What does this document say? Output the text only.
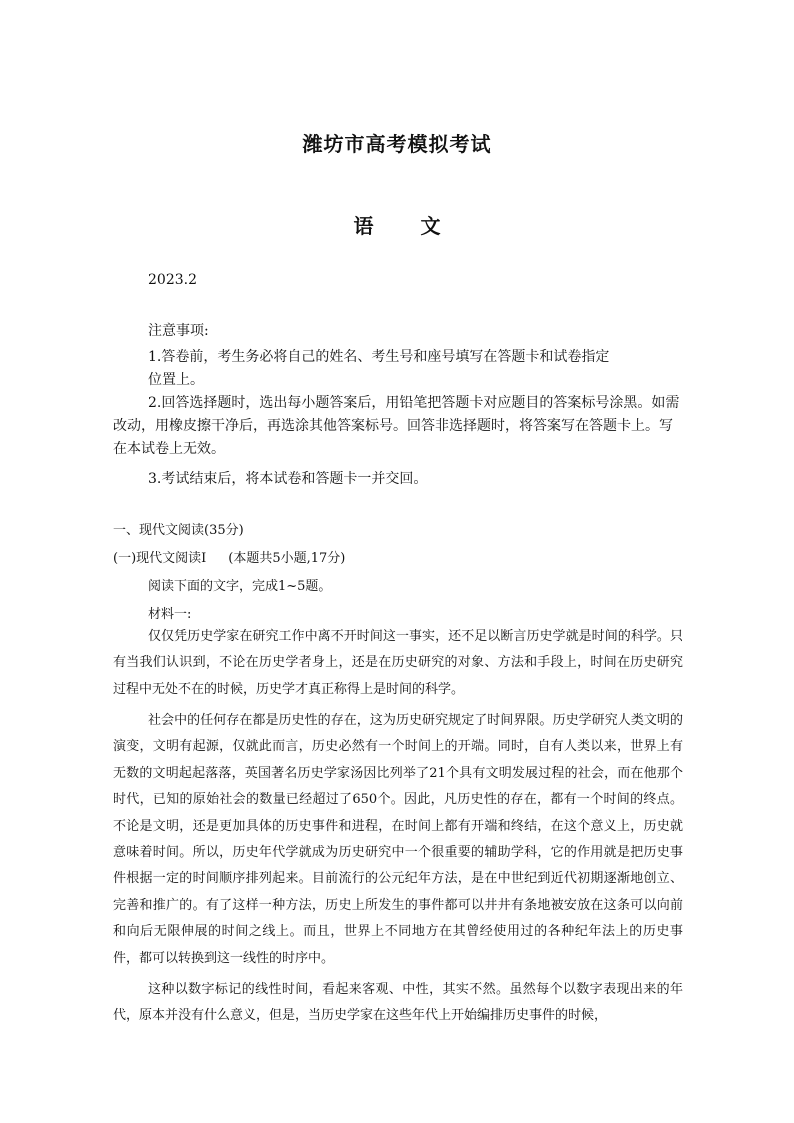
潍坊市高考模拟考试
语 文
2023.2
注意事项:
1.答卷前，考生务必将自己的姓名、考生号和座号填写在答题卡和试卷指定
位置上。
2.回答选择题时，选出每小题答案后，用铅笔把答题卡对应题目的答案标号涂黑。如需改动，用橡皮擦干净后，再选涂其他答案标号。回答非选择题时，将答案写在答题卡上。写在本试卷上无效。
3.考试结束后，将本试卷和答题卡一并交回。
一、现代文阅读(35分)
(一)现代文阅读Ⅰ (本题共5小题,17分)
阅读下面的文字，完成1~5题。
材料一:
仅仅凭历史学家在研究工作中离不开时间这一事实，还不足以断言历史学就是时间的科学。只有当我们认识到，不论在历史学者身上，还是在历史研究的对象、方法和手段上，时间在历史研究过程中无处不在的时候，历史学才真正称得上是时间的科学。
社会中的任何存在都是历史性的存在，这为历史研究规定了时间界限。历史学研究人类文明的演变，文明有起源，仅就此而言，历史必然有一个时间上的开端。同时，自有人类以来，世界上有无数的文明起起落落，英国著名历史学家汤因比列举了21个具有文明发展过程的社会，而在他那个时代，已知的原始社会的数量已经超过了650个。因此，凡历史性的存在，都有一个时间的终点。不论是文明，还是更加具体的历史事件和进程，在时间上都有开端和终结，在这个意义上，历史就意味着时间。所以，历史年代学就成为历史研究中一个很重要的辅助学科，它的作用就是把历史事件根据一定的时间顺序排列起来。目前流行的公元纪年方法，是在中世纪到近代初期逐渐地创立、完善和推广的。有了这样一种方法，历史上所发生的事件都可以井井有条地被安放在这条可以向前和向后无限伸展的时间之线上。而且，世界上不同地方在其曾经使用过的各种纪年法上的历史事件，都可以转换到这一线性的时序中。
这种以数字标记的线性时间，看起来客观、中性，其实不然。虽然每个以数字表现出来的年代，原本并没有什么意义，但是，当历史学家在这些年代上开始编排历史事件的时候，
